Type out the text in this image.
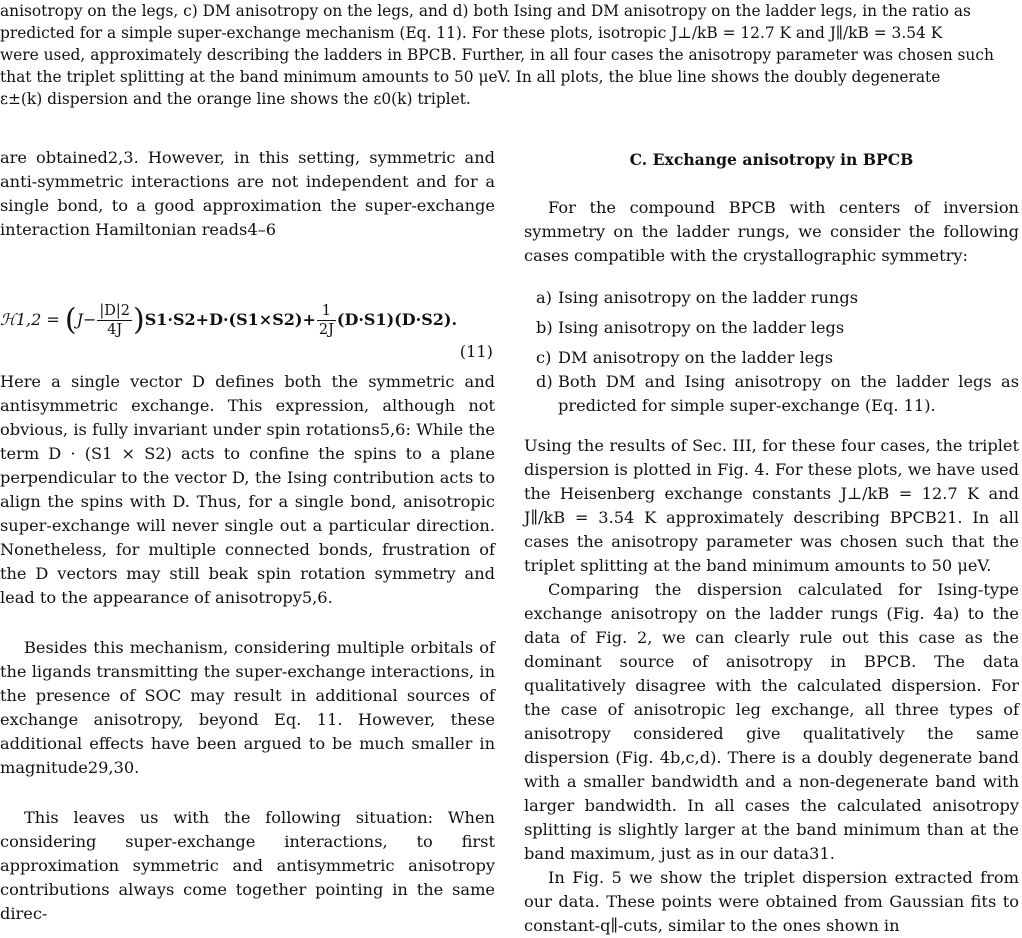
anisotropy on the legs, c) DM anisotropy on the legs, and d) both Ising and DM anisotropy on the ladder legs, in the ratio as

predicted for a simple super-exchange mechanism (Eq. 11). For these plots, isotropic J⊥/kB = 12.7 K and J∥/kB = 3.54 K

were used, approximately describing the ladders in BPCB. Further, in all four cases the anisotropy parameter was chosen such

that the triplet splitting at the band minimum amounts to 50 μeV. In all plots, the blue line shows the doubly degenerate

ε±(k) dispersion and the orange line shows the ε0(k) triplet.

are obtained2,3. However, in this setting, symmetric and anti-symmetric interactions are not independent and for a single bond, to a good approximation the super-exchange interaction Hamiltonian reads4–6

ℋ1,2 = $(J- \frac{|D|2}{4J} )S1\cdot S2+D\cdot(S1\times S2)+ \frac{1}{2J} (D\cdot S1)(D\cdot S2)$.
(11)

Here a single vector D defines both the symmetric and antisymmetric exchange. This expression, although not obvious, is fully invariant under spin rotations5,6: While the term D · (S1 × S2) acts to confine the spins to a plane perpendicular to the vector D, the Ising contribution acts to align the spins with D. Thus, for a single bond, anisotropic super-exchange will never single out a particular direction. Nonetheless, for multiple connected bonds, frustration of the D vectors may still beak spin rotation symmetry and lead to the appearance of anisotropy5,6.

Besides this mechanism, considering multiple orbitals of the ligands transmitting the super-exchange interactions, in the presence of SOC may result in additional sources of exchange anisotropy, beyond Eq. 11. However, these additional effects have been argued to be much smaller in magnitude29,30.

This leaves us with the following situation: When considering super-exchange interactions, to first approximation symmetric and antisymmetric anisotropy contributions always come together pointing in the same direc-

C. Exchange anisotropy in BPCB

For the compound BPCB with centers of inversion symmetry on the ladder rungs, we consider the following cases compatible with the crystallographic symmetry:

a) Ising anisotropy on the ladder rungs
b) Ising anisotropy on the ladder legs
c) DM anisotropy on the ladder legs
d) Both DM and Ising anisotropy on the ladder legs as predicted for simple super-exchange (Eq. 11).

Using the results of Sec. III, for these four cases, the triplet dispersion is plotted in Fig. 4. For these plots, we have used the Heisenberg exchange constants J⊥/kB = 12.7 K and J∥/kB = 3.54 K approximately describing BPCB21. In all cases the anisotropy parameter was chosen such that the triplet splitting at the band minimum amounts to 50 μeV.

Comparing the dispersion calculated for Ising-type exchange anisotropy on the ladder rungs (Fig. 4a) to the data of Fig. 2, we can clearly rule out this case as the dominant source of anisotropy in BPCB. The data qualitatively disagree with the calculated dispersion. For the case of anisotropic leg exchange, all three types of anisotropy considered give qualitatively the same dispersion (Fig. 4b,c,d). There is a doubly degenerate band with a smaller bandwidth and a non-degenerate band with larger bandwidth. In all cases the calculated anisotropy splitting is slightly larger at the band minimum than at the band maximum, just as in our data31.

In Fig. 5 we show the triplet dispersion extracted from our data. These points were obtained from Gaussian fits to constant-q∥-cuts, similar to the ones shown in
